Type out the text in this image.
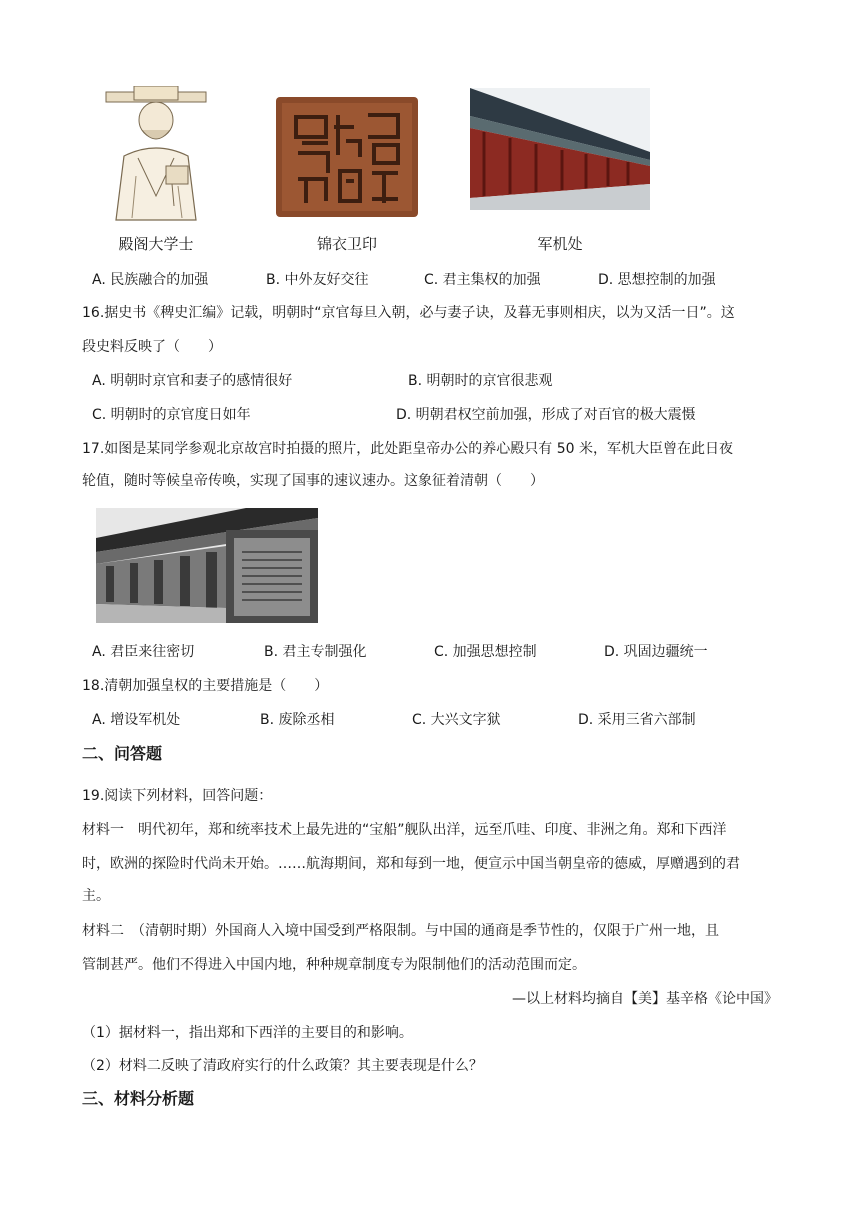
殿阁大学士	锦衣卫印	军机处
A. 民族融合的加强	B. 中外友好交往	C. 君主集权的加强	D. 思想控制的加强
16.据史书《稗史汇编》记载，明朝时“京官每旦入朝，必与妻子诀，及暮无事则相庆，以为又活一日”。这
段史料反映了（　　）
A. 明朝时京官和妻子的感情很好	B. 明朝时的京官很悲观
C. 明朝时的京官度日如年	D. 明朝君权空前加强，形成了对百官的极大震慑
17.如图是某同学参观北京故宫时拍摄的照片，此处距皇帝办公的养心殿只有 50 米，军机大臣曾在此日夜
轮值，随时等候皇帝传唤，实现了国事的速议速办。这象征着清朝（　　）
A. 君臣来往密切	B. 君主专制强化	C. 加强思想控制	D. 巩固边疆统一
18.清朝加强皇权的主要措施是（　　）
A. 增设军机处	B. 废除丞相	C. 大兴文字狱	D. 采用三省六部制
二、问答题
19.阅读下列材料，回答问题：
材料一　明代初年，郑和统率技术上最先进的“宝船”舰队出洋，远至爪哇、印度、非洲之角。郑和下西洋
时，欧洲的探险时代尚未开始。……航海期间，郑和每到一地，便宣示中国当朝皇帝的德威，厚赠遇到的君
主。
材料二　（清朝时期）外国商人入境中国受到严格限制。与中国的通商是季节性的，仅限于广州一地，且
管制甚严。他们不得进入中国内地，种种规章制度专为限制他们的活动范围而定。
—以上材料均摘自【美】基辛格《论中国》
（1）据材料一，指出郑和下西洋的主要目的和影响。
（2）材料二反映了清政府实行的什么政策？其主要表现是什么？
三、材料分析题
